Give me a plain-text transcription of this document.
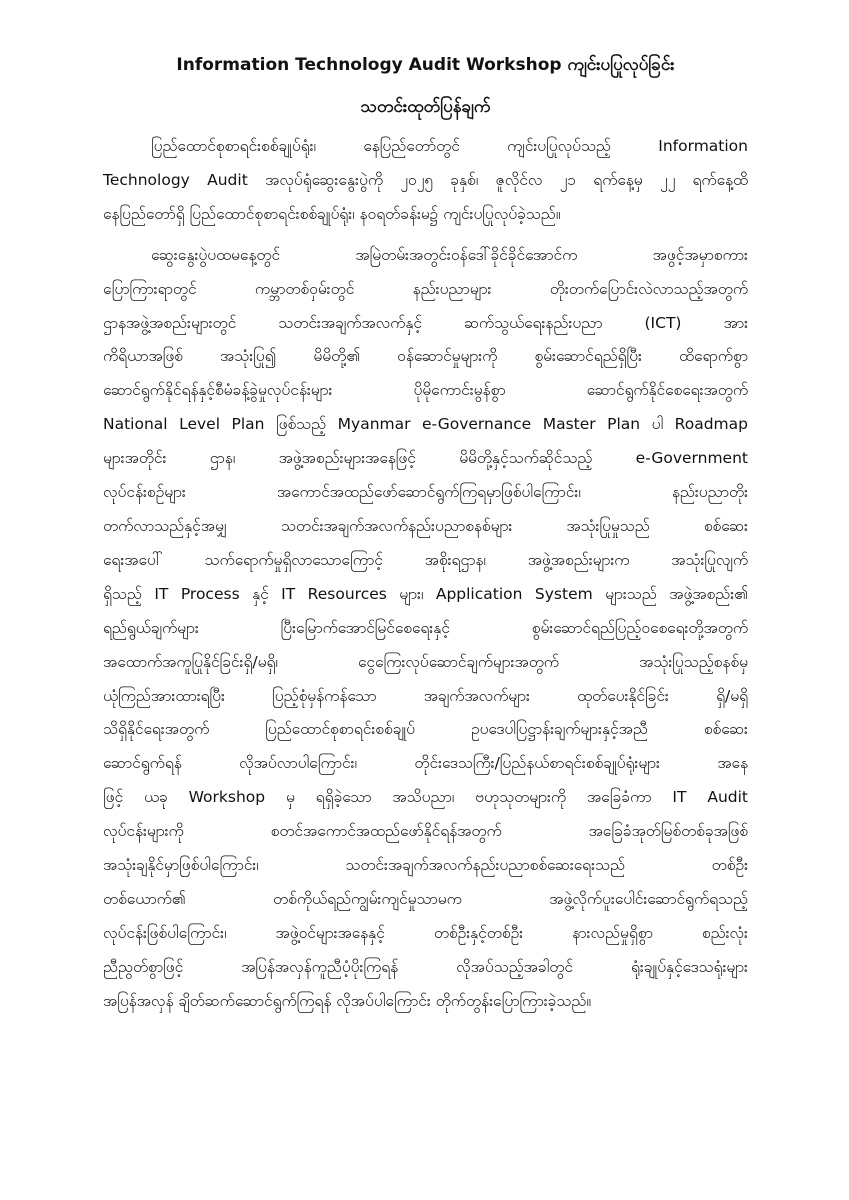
Information Technology Audit Workshop ကျင်းပပြုလုပ်ခြင်း
သတင်းထုတ်ပြန်ချက်
ပြည်ထောင်စုစာရင်းစစ်ချုပ်ရုံး၊ နေပြည်တော်တွင် ကျင်းပပြုလုပ်သည့် Information
Technology Audit အလုပ်ရုံဆွေးနွေးပွဲကို ၂၀၂၅ ခုနှစ်၊ ဇူလိုင်လ ၂၁ ရက်နေ့မှ ၂၂ ရက်နေ့ထိ
နေပြည်တော်ရှိ ပြည်ထောင်စုစာရင်းစစ်ချုပ်ရုံး၊ န၀ရတ်ခန်းမ၌ ကျင်းပပြုလုပ်ခဲ့သည်။
ဆွေးနွေးပွဲပထမနေ့တွင် အမြဲတမ်းအတွင်းဝန်ဒေါ်ခိုင်ခိုင်အောင်က အဖွင့်အမှာစကား
ပြောကြားရာတွင် ကမ္ဘာတစ်ဝှမ်းတွင် နည်းပညာများ တိုးတက်ပြောင်းလဲလာသည့်အတွက်
ဌာနအဖွဲ့အစည်းများတွင် သတင်းအချက်အလက်နှင့် ဆက်သွယ်ရေးနည်းပညာ (ICT) အား
ကိရိယာအဖြစ် အသုံးပြု၍ မိမိတို့၏ ဝန်ဆောင်မှုများကို စွမ်းဆောင်ရည်ရှိပြီး ထိရောက်စွာ
ဆောင်ရွက်နိုင်ရန်နှင့်စီမံခန့်ခွဲမှုလုပ်ငန်းများ ပိုမိုကောင်းမွန်စွာ ဆောင်ရွက်နိုင်စေရေးအတွက်
National Level Plan ဖြစ်သည့် Myanmar e-Governance Master Plan ပါ Roadmap
များအတိုင်း ဌာန၊ အဖွဲ့အစည်းများအနေဖြင့် မိမိတို့နှင့်သက်ဆိုင်သည့် e-Government
လုပ်ငန်းစဉ်များ အကောင်အထည်ဖော်ဆောင်ရွက်ကြရမှာဖြစ်ပါကြောင်း၊ နည်းပညာတိုး
တက်လာသည်နှင့်အမျှ သတင်းအချက်အလက်နည်းပညာစနစ်များ အသုံးပြုမှုသည် စစ်ဆေး
ရေးအပေါ် သက်ရောက်မှုရှိလာသောကြောင့် အစိုးရဌာန၊ အဖွဲ့အစည်းများက အသုံးပြုလျက်
ရှိသည့် IT Process နှင့် IT Resources များ၊ Application System များသည် အဖွဲ့အစည်း၏
ရည်ရွယ်ချက်များ ပြီးမြောက်အောင်မြင်စေရေးနှင့် စွမ်းဆောင်ရည်ပြည့်ဝစေရေးတို့အတွက်
အထောက်အကူပြုနိုင်ခြင်းရှိ/မရှိ၊ ငွေကြေးလုပ်ဆောင်ချက်များအတွက် အသုံးပြုသည့်စနစ်မှ
ယုံကြည်အားထားရပြီး ပြည့်စုံမှန်ကန်သော အချက်အလက်များ ထုတ်ပေးနိုင်ခြင်း ရှိ/မရှိ
သိရှိနိုင်ရေးအတွက် ပြည်ထောင်စုစာရင်းစစ်ချုပ် ဥပဒေပါပြဋ္ဌာန်းချက်များနှင့်အညီ စစ်ဆေး
ဆောင်ရွက်ရန် လိုအပ်လာပါကြောင်း၊ တိုင်းဒေသကြီး/ပြည်နယ်စာရင်းစစ်ချုပ်ရုံးများ အနေ
ဖြင့် ယခု Workshop မှ ရရှိခဲ့သော အသိပညာ၊ ဗဟုသုတများကို အခြေခံကာ IT Audit
လုပ်ငန်းများကို စတင်အကောင်အထည်ဖော်နိုင်ရန်အတွက် အခြေခံအုတ်မြစ်တစ်ခုအဖြစ်
အသုံးချနိုင်မှာဖြစ်ပါကြောင်း၊ သတင်းအချက်အလက်နည်းပညာစစ်ဆေးရေးသည် တစ်ဦး
တစ်ယောက်၏ တစ်ကိုယ်ရည်ကျွမ်းကျင်မှုသာမက အဖွဲ့လိုက်ပူးပေါင်းဆောင်ရွက်ရသည့်
လုပ်ငန်းဖြစ်ပါကြောင်း၊ အဖွဲ့ဝင်များအနေနှင့် တစ်ဦးနှင့်တစ်ဦး နားလည်မှုရှိစွာ စည်းလုံး
ညီညွတ်စွာဖြင့် အပြန်အလှန်ကူညီပံ့ပိုးကြရန် လိုအပ်သည့်အခါတွင် ရုံးချုပ်နှင့်ဒေသရုံးများ
အပြန်အလှန် ချိတ်ဆက်ဆောင်ရွက်ကြရန် လိုအပ်ပါကြောင်း တိုက်တွန်းပြောကြားခဲ့သည်။
